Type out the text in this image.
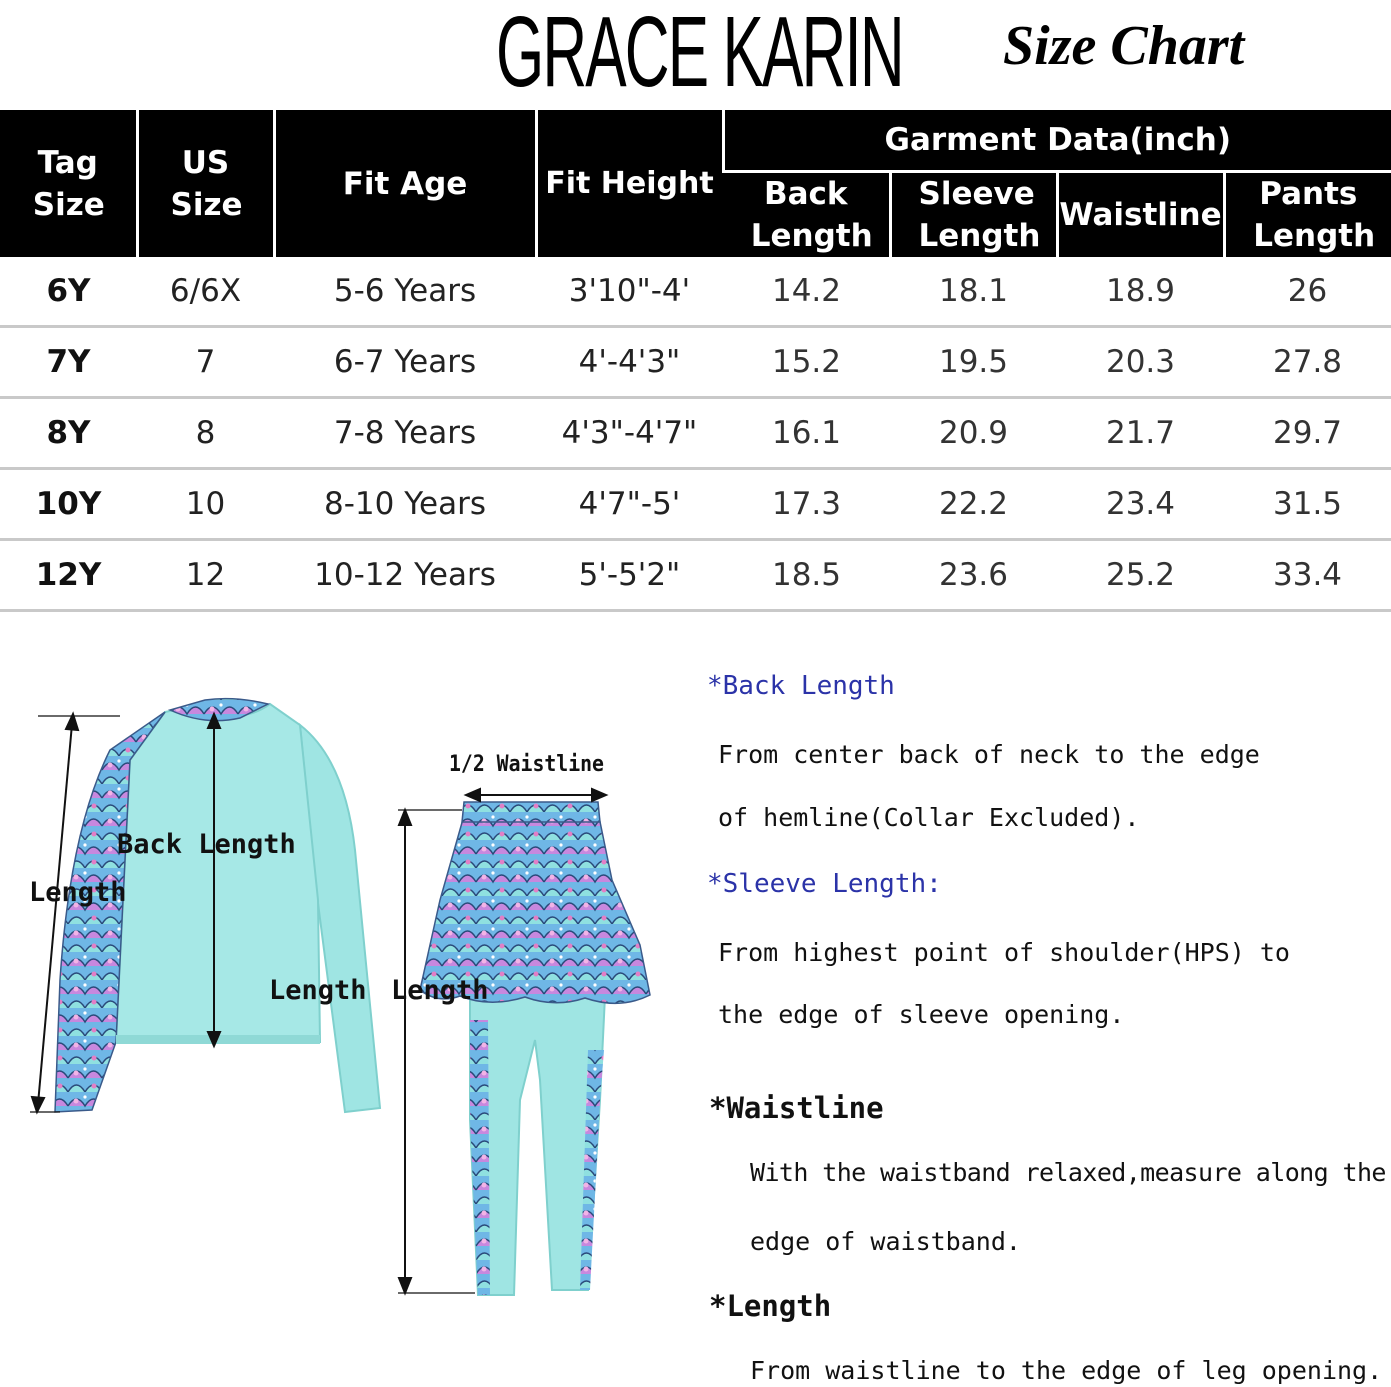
GRACE KARIN Size Chart
Tag Size	US Size	Fit Age	Fit Height	Garment Data(inch)			

				Back Length	Sleeve Length	Waistline	Pants Length

6Y	6/6X	5-6 Years	3'10"-4'	14.2	18.1	18.9	26
7Y	7	6-7 Years	4'-4'3"	15.2	19.5	20.3	27.8
8Y	8	7-8 Years	4'3"-4'7"	16.1	20.9	21.7	29.7
10Y	10	8-10 Years	4'7"-5'	17.3	22.2	23.4	31.5
12Y	12	10-12 Years	5'-5'2"	18.5	23.6	25.2	33.4
Back Length
Length
Length Length
1/2 Waistline
*Back Length
From center back of neck to the edge
of hemline(Collar Excluded).
*Sleeve Length:
From highest point of shoulder(HPS) to
the edge of sleeve opening.
*Waistline
With the waistband relaxed,measure along the
edge of waistband.
*Length
From waistline to the edge of leg opening.
